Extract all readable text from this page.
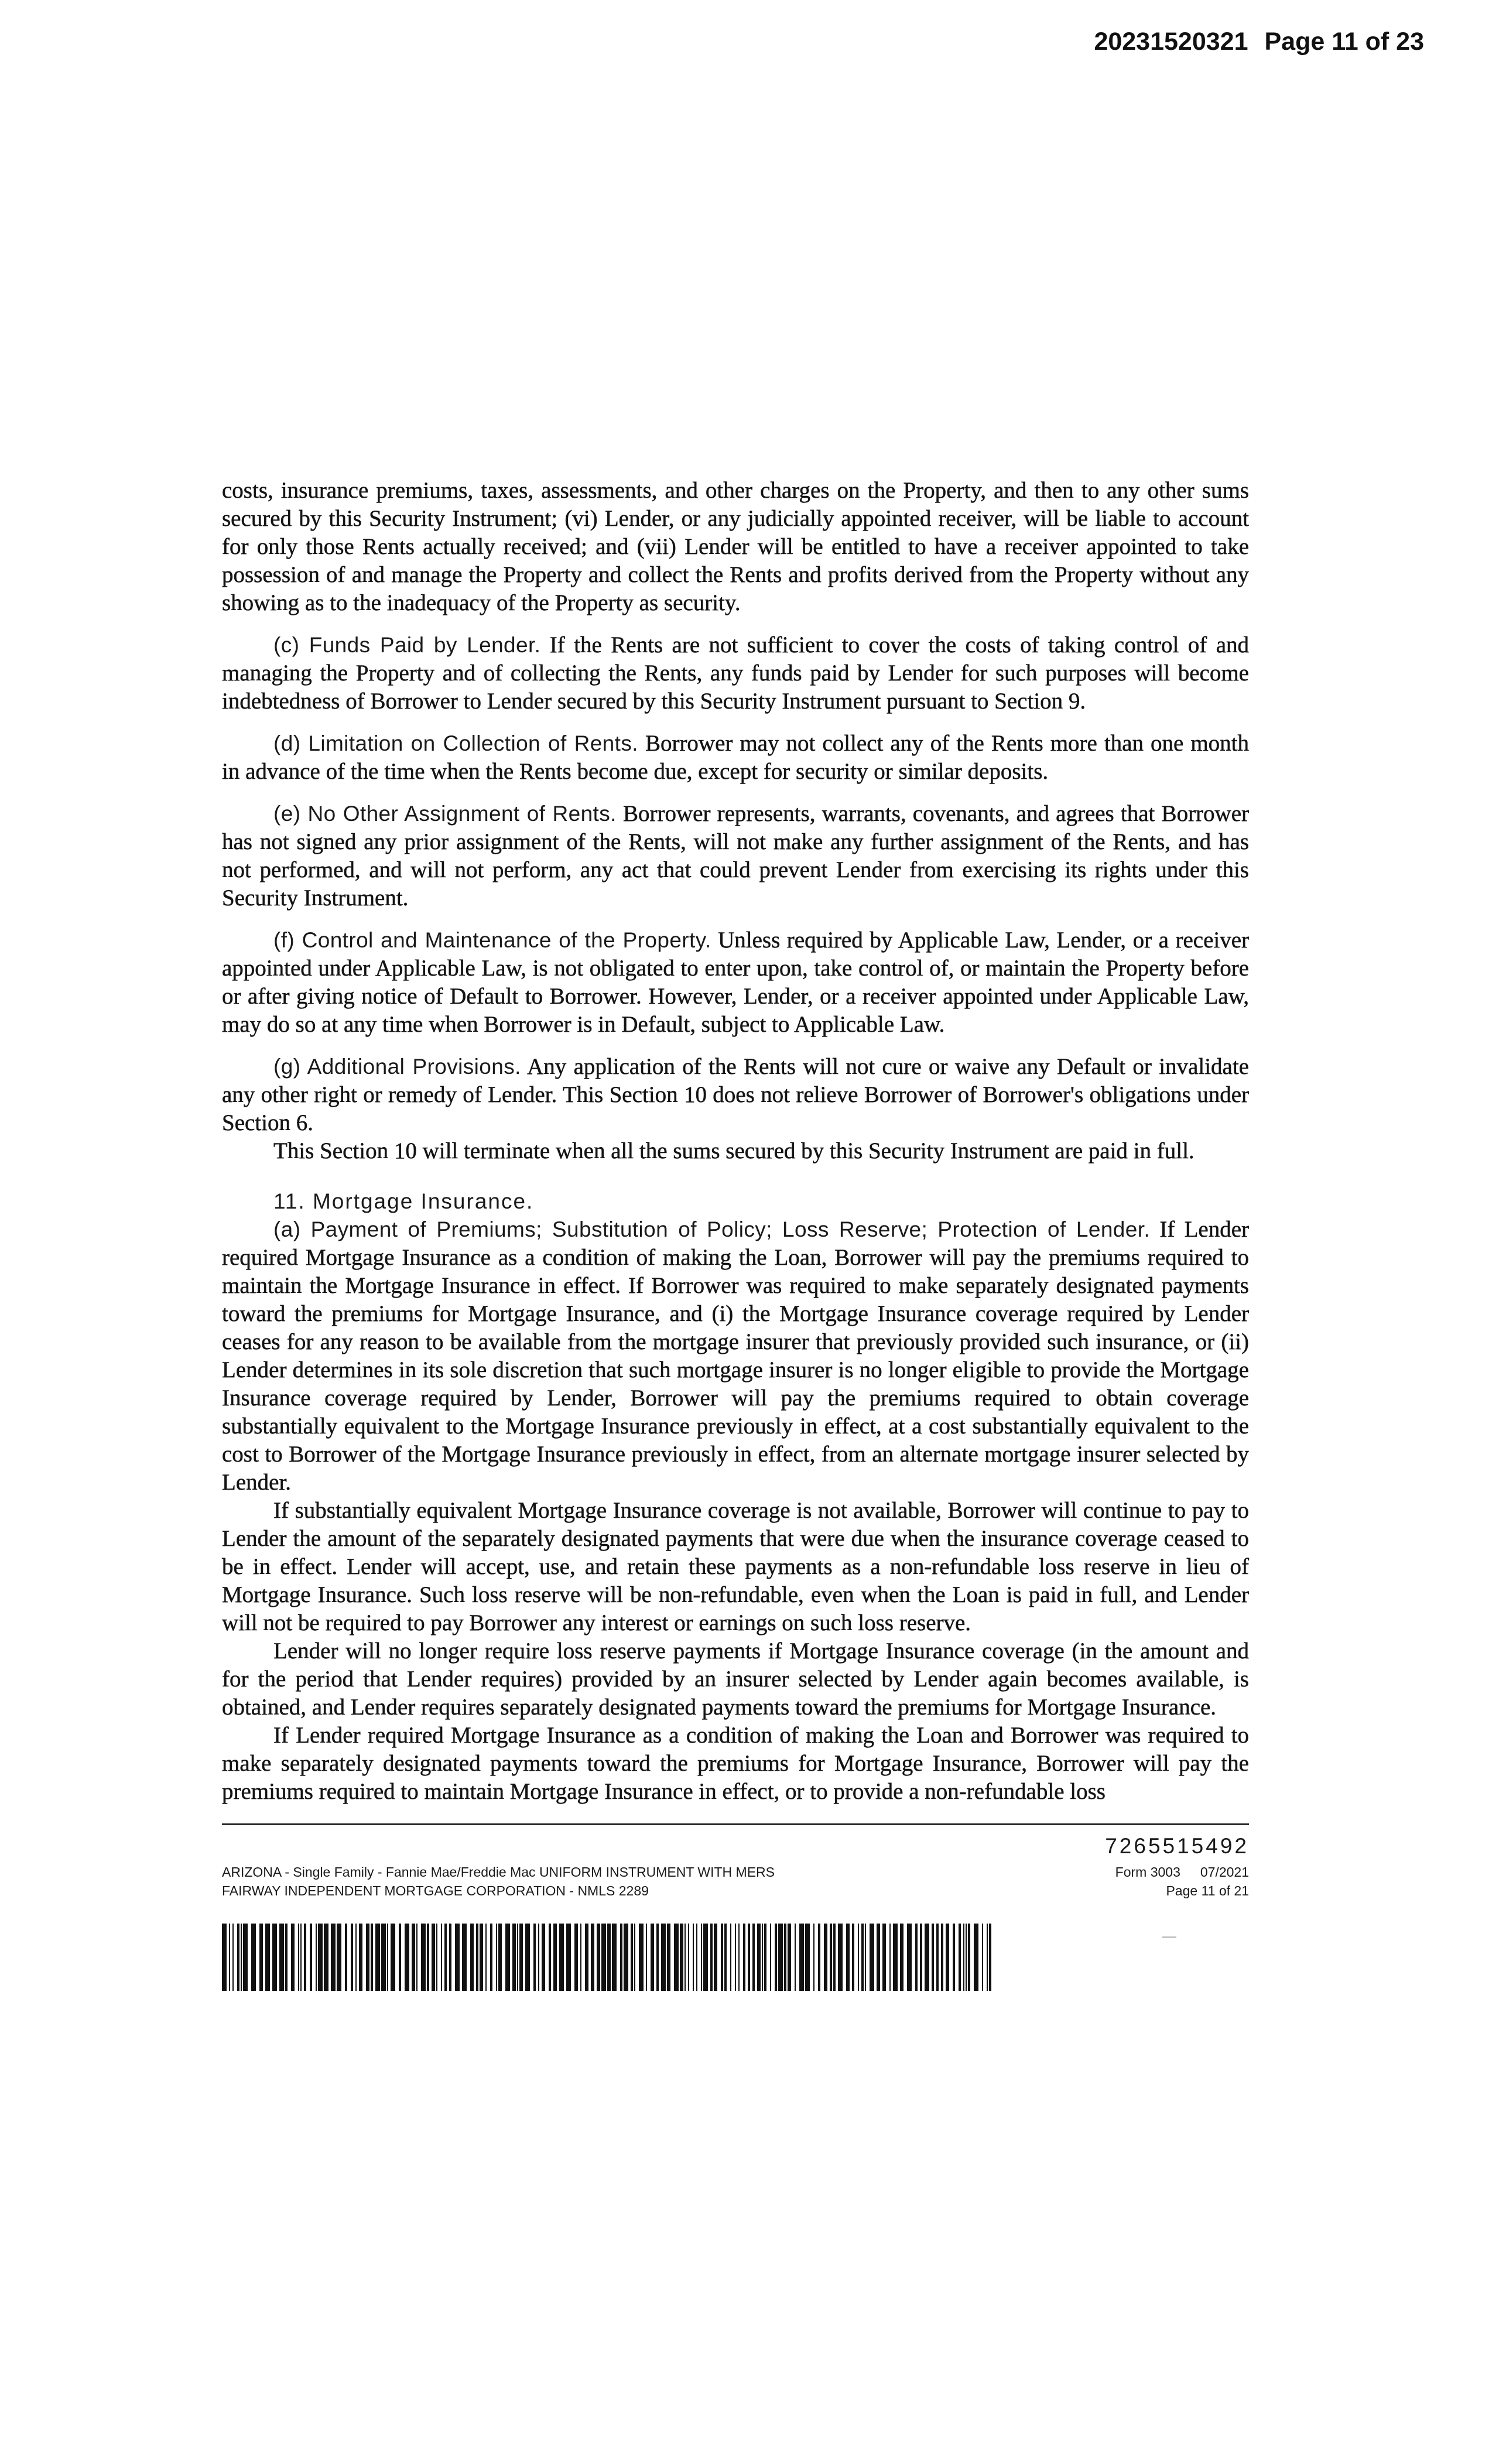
20231520321 Page 11 of 23

costs, insurance premiums, taxes, assessments, and other charges on the Property, and then to any other sums secured by this Security Instrument; (vi) Lender, or any judicially appointed receiver, will be liable to account for only those Rents actually received; and (vii) Lender will be entitled to have a receiver appointed to take possession of and manage the Property and collect the Rents and profits derived from the Property without any showing as to the inadequacy of the Property as security.

(c) Funds Paid by Lender. If the Rents are not sufficient to cover the costs of taking control of and managing the Property and of collecting the Rents, any funds paid by Lender for such purposes will become indebtedness of Borrower to Lender secured by this Security Instrument pursuant to Section 9.

(d) Limitation on Collection of Rents. Borrower may not collect any of the Rents more than one month in advance of the time when the Rents become due, except for security or similar deposits.

(e) No Other Assignment of Rents. Borrower represents, warrants, covenants, and agrees that Borrower has not signed any prior assignment of the Rents, will not make any further assignment of the Rents, and has not performed, and will not perform, any act that could prevent Lender from exercising its rights under this Security Instrument.

(f) Control and Maintenance of the Property. Unless required by Applicable Law, Lender, or a receiver appointed under Applicable Law, is not obligated to enter upon, take control of, or maintain the Property before or after giving notice of Default to Borrower. However, Lender, or a receiver appointed under Applicable Law, may do so at any time when Borrower is in Default, subject to Applicable Law.

(g) Additional Provisions. Any application of the Rents will not cure or waive any Default or invalidate any other right or remedy of Lender. This Section 10 does not relieve Borrower of Borrower's obligations under Section 6.

This Section 10 will terminate when all the sums secured by this Security Instrument are paid in full.

11. Mortgage Insurance.

(a) Payment of Premiums; Substitution of Policy; Loss Reserve; Protection of Lender. If Lender required Mortgage Insurance as a condition of making the Loan, Borrower will pay the premiums required to maintain the Mortgage Insurance in effect. If Borrower was required to make separately designated payments toward the premiums for Mortgage Insurance, and (i) the Mortgage Insurance coverage required by Lender ceases for any reason to be available from the mortgage insurer that previously provided such insurance, or (ii) Lender determines in its sole discretion that such mortgage insurer is no longer eligible to provide the Mortgage Insurance coverage required by Lender, Borrower will pay the premiums required to obtain coverage substantially equivalent to the Mortgage Insurance previously in effect, at a cost substantially equivalent to the cost to Borrower of the Mortgage Insurance previously in effect, from an alternate mortgage insurer selected by Lender.

If substantially equivalent Mortgage Insurance coverage is not available, Borrower will continue to pay to Lender the amount of the separately designated payments that were due when the insurance coverage ceased to be in effect. Lender will accept, use, and retain these payments as a non-refundable loss reserve in lieu of Mortgage Insurance. Such loss reserve will be non-refundable, even when the Loan is paid in full, and Lender will not be required to pay Borrower any interest or earnings on such loss reserve.

Lender will no longer require loss reserve payments if Mortgage Insurance coverage (in the amount and for the period that Lender requires) provided by an insurer selected by Lender again becomes available, is obtained, and Lender requires separately designated payments toward the premiums for Mortgage Insurance.

If Lender required Mortgage Insurance as a condition of making the Loan and Borrower was required to make separately designated payments toward the premiums for Mortgage Insurance, Borrower will pay the premiums required to maintain Mortgage Insurance in effect, or to provide a non-refundable loss

7265515492
ARIZONA - Single Family - Fannie Mae/Freddie Mac UNIFORM INSTRUMENT WITH MERS
FAIRWAY INDEPENDENT MORTGAGE CORPORATION - NMLS 2289
Form 3003 07/2021
Page 11 of 21
